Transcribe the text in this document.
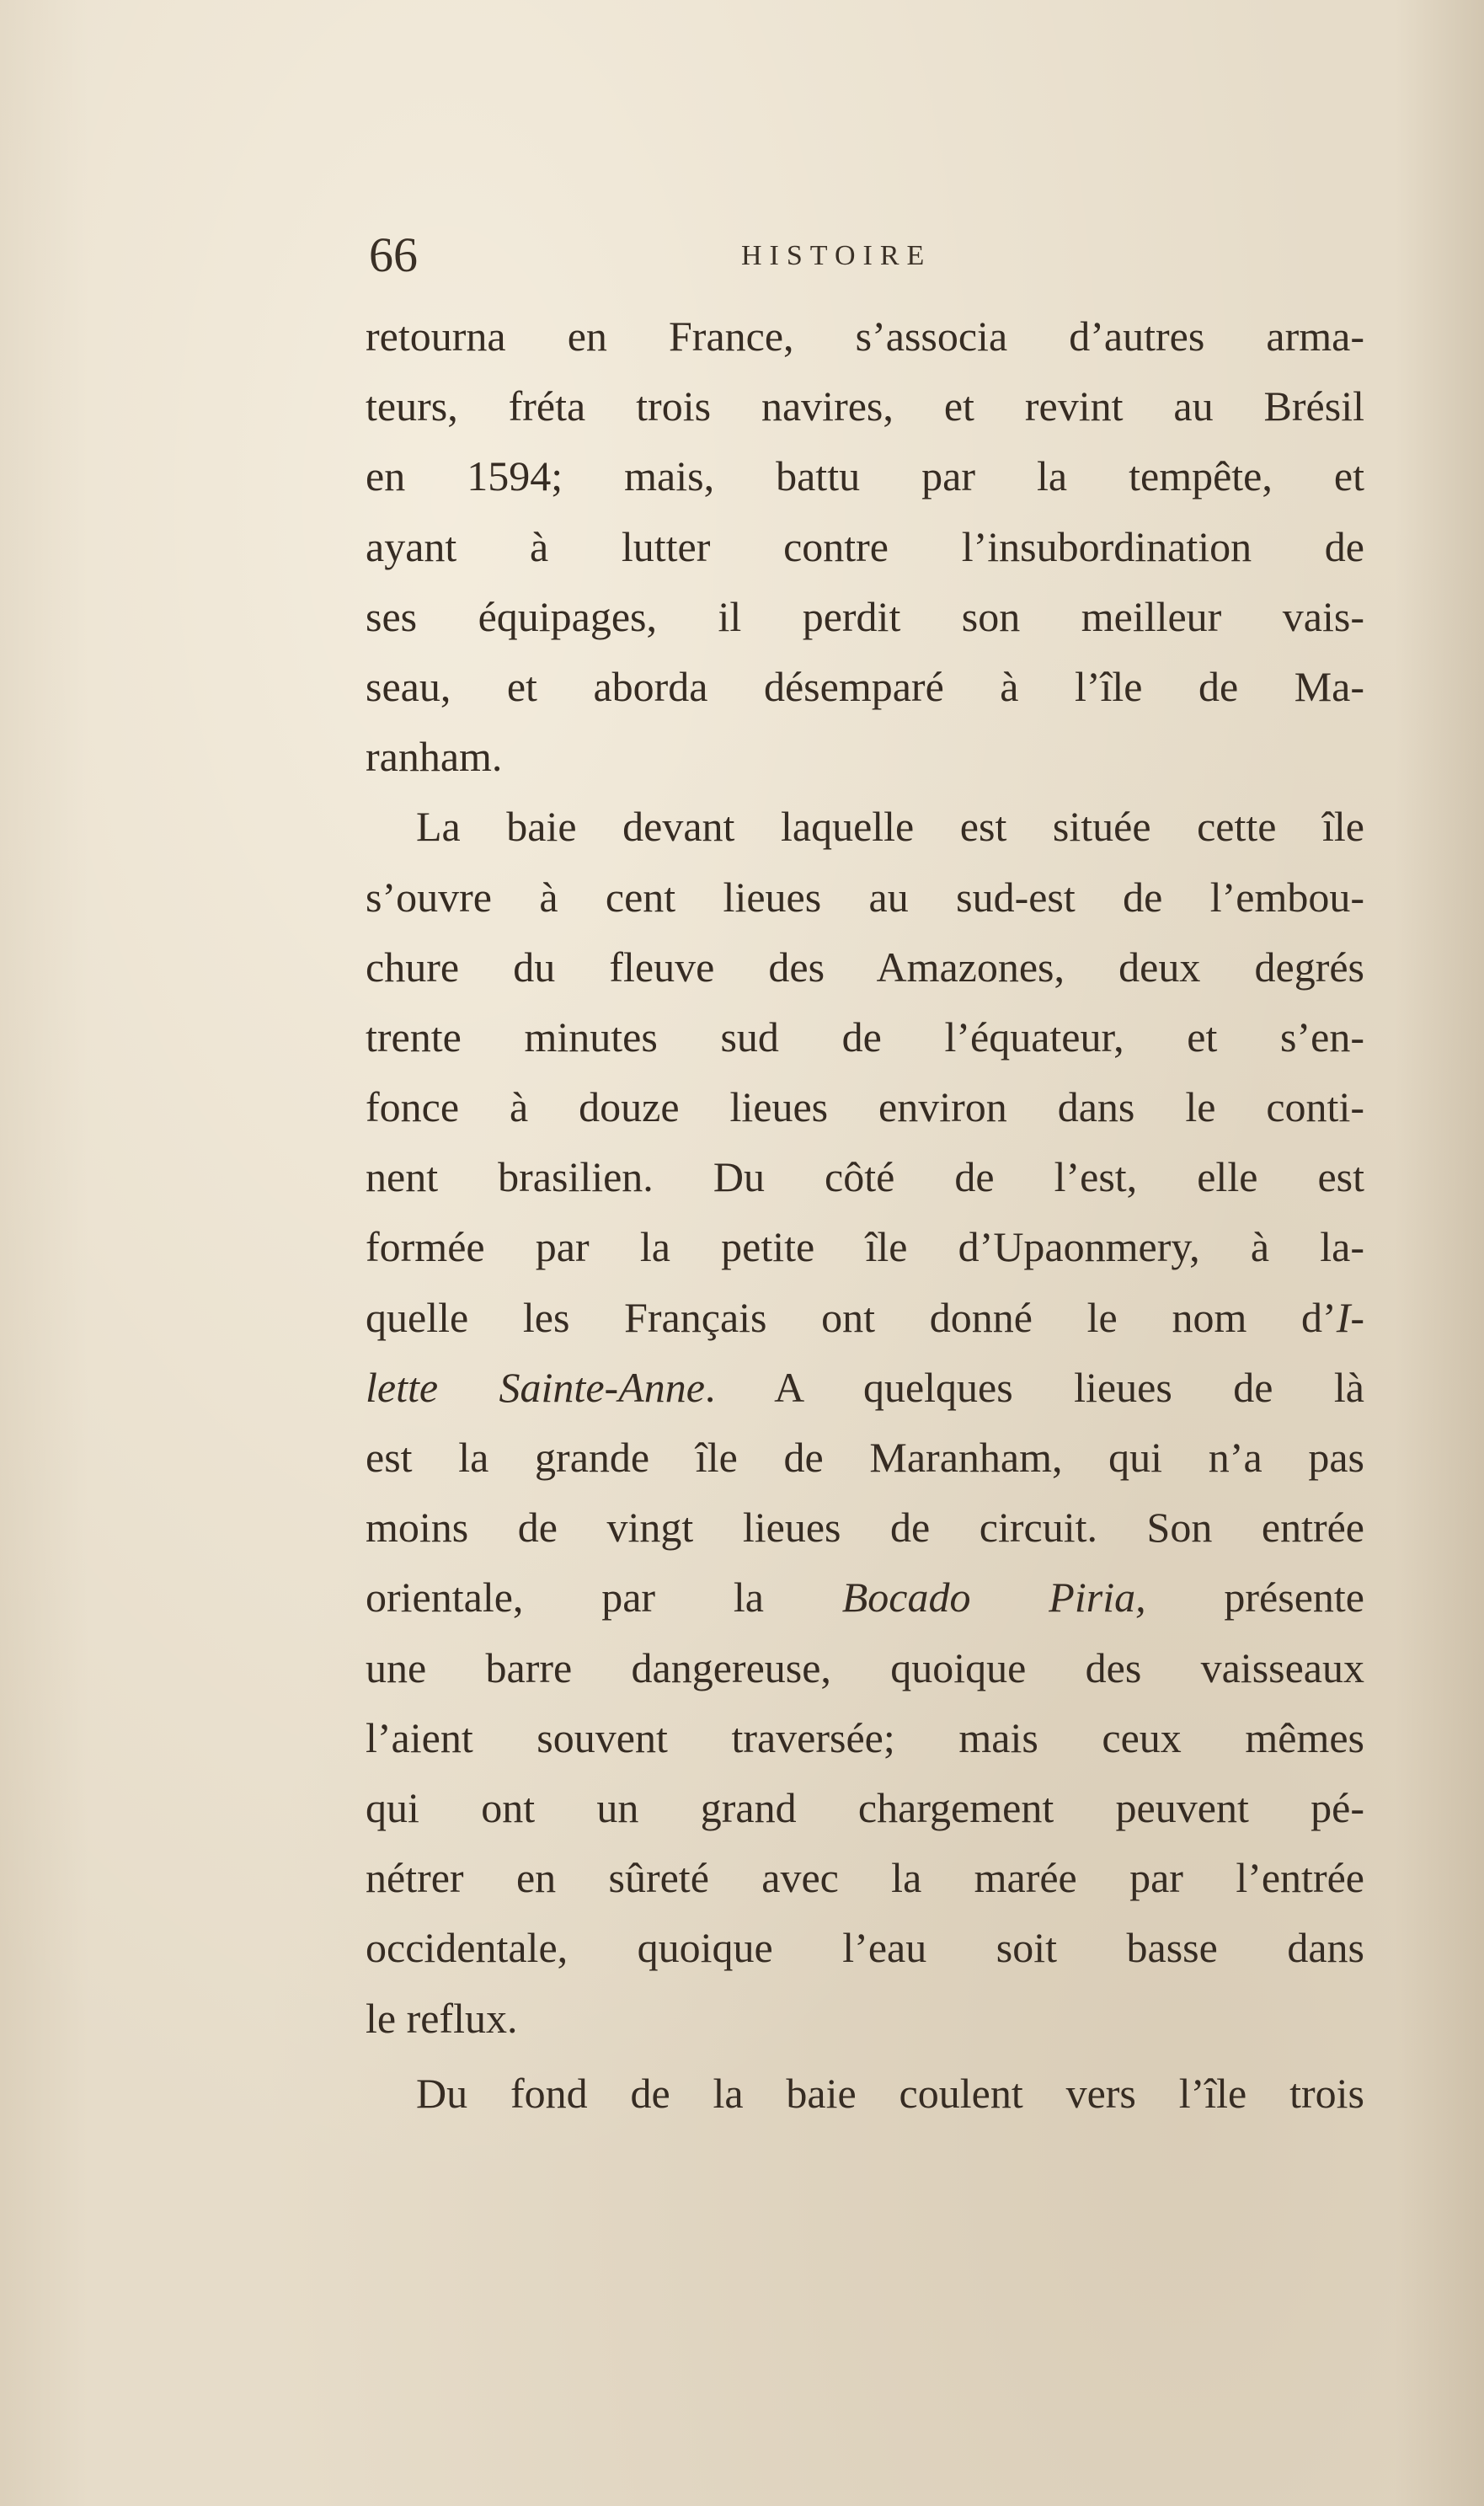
66	HISTOIRE
retourna en France, s’associa d’autres arma-
teurs, fréta trois navires, et revint au Brésil
en 1594; mais, battu par la tempête, et
ayant à lutter contre l’insubordination de
ses équipages, il perdit son meilleur vais-
seau, et aborda désemparé à l’île de Ma-
ranham.
La baie devant laquelle est située cette île
s’ouvre à cent lieues au sud-est de l’embou-
chure du fleuve des Amazones, deux degrés
trente minutes sud de l’équateur, et s’en-
fonce à douze lieues environ dans le conti-
nent brasilien. Du côté de l’est, elle est
formée par la petite île d’Upaonmery, à la-
quelle les Français ont donné le nom d’I-
lette Sainte-Anne. A quelques lieues de là
est la grande île de Maranham, qui n’a pas
moins de vingt lieues de circuit. Son entrée
orientale, par la Bocado Piria, présente
une barre dangereuse, quoique des vaisseaux
l’aient souvent traversée; mais ceux mêmes
qui ont un grand chargement peuvent pé-
nétrer en sûreté avec la marée par l’entrée
occidentale, quoique l’eau soit basse dans
le reflux.
Du fond de la baie coulent vers l’île trois
